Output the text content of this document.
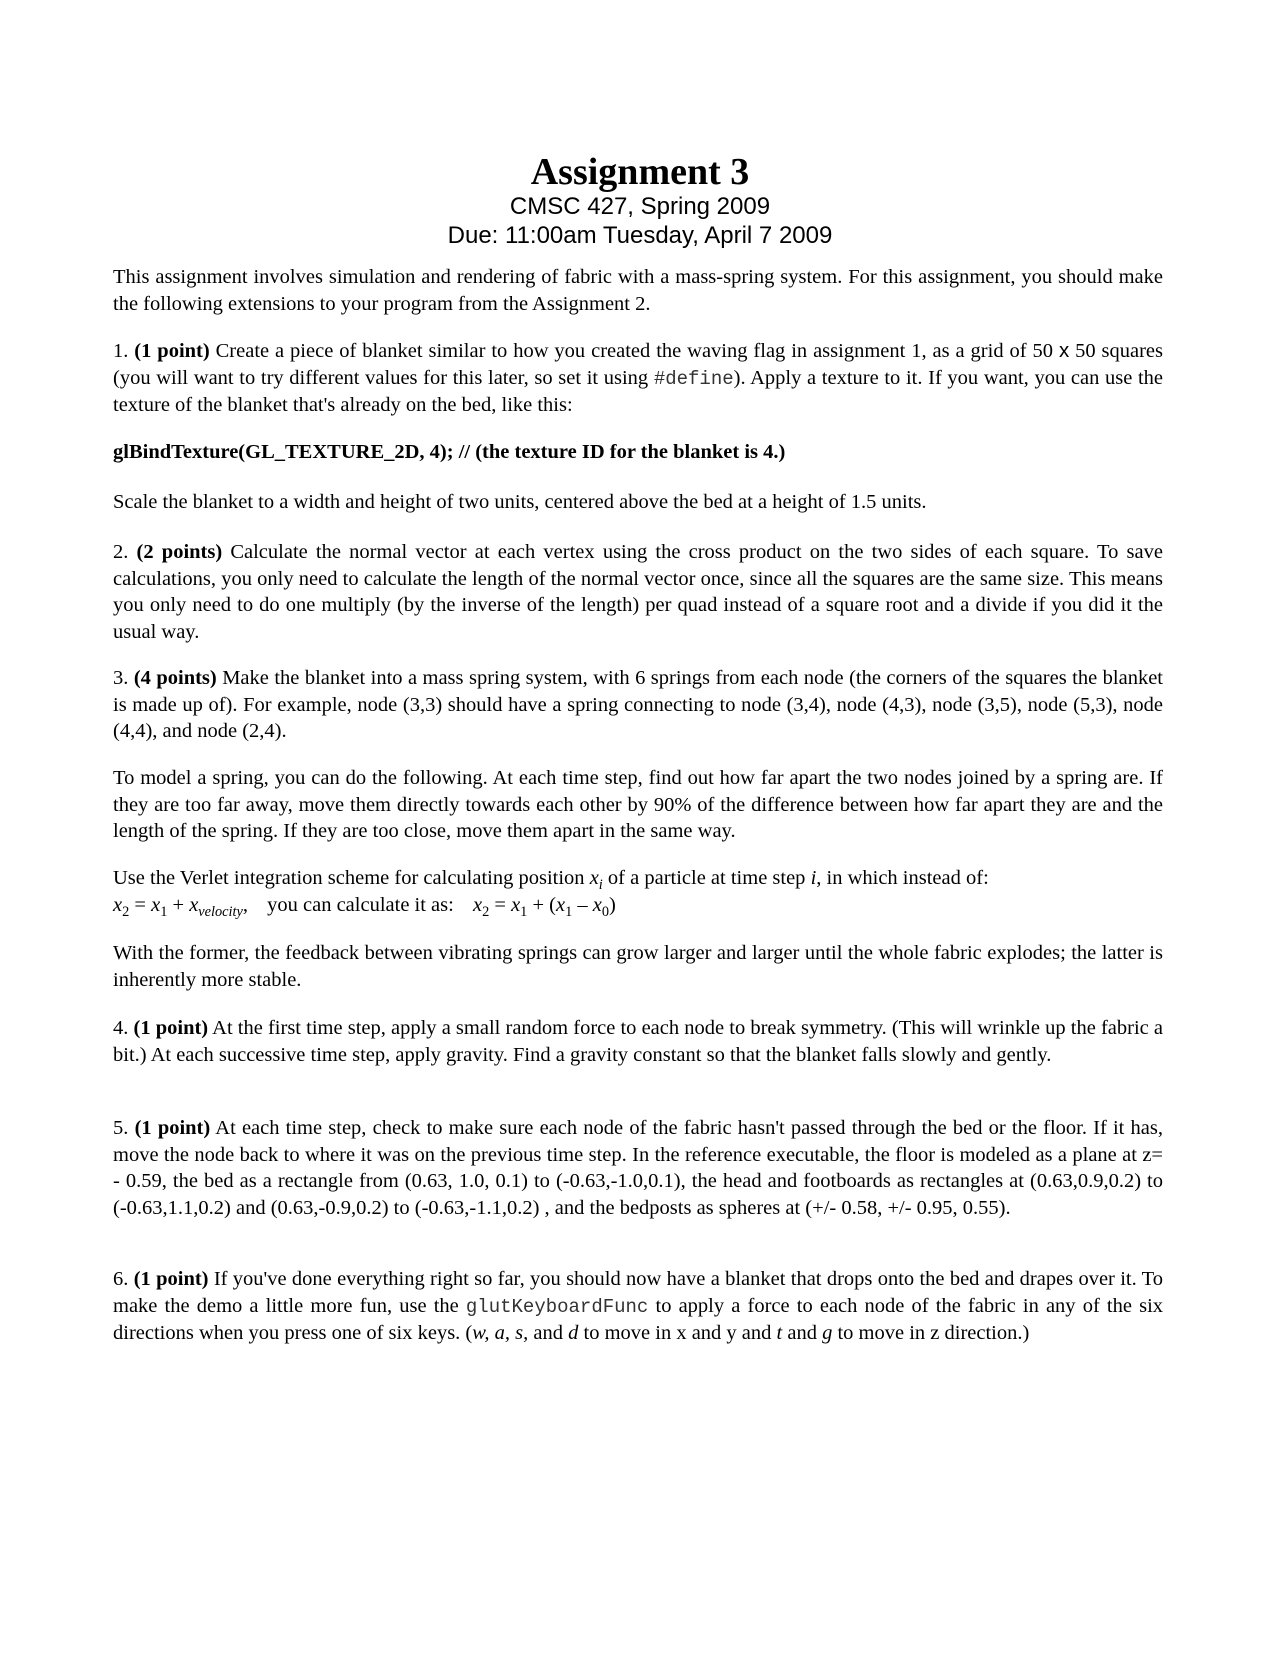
Assignment 3
CMSC 427, Spring 2009
Due: 11:00am Tuesday, April 7 2009
This assignment involves simulation and rendering of fabric with a mass-spring system. For this assignment, you should make the following extensions to your program from the Assignment 2.
1. (1 point) Create a piece of blanket similar to how you created the waving flag in assignment 1, as a grid of 50 x 50 squares (you will want to try different values for this later, so set it using #define). Apply a texture to it. If you want, you can use the texture of the blanket that's already on the bed, like this:
glBindTexture(GL_TEXTURE_2D, 4); // (the texture ID for the blanket is 4.)
Scale the blanket to a width and height of two units, centered above the bed at a height of 1.5 units.
2. (2 points) Calculate the normal vector at each vertex using the cross product on the two sides of each square. To save calculations, you only need to calculate the length of the normal vector once, since all the squares are the same size. This means you only need to do one multiply (by the inverse of the length) per quad instead of a square root and a divide if you did it the usual way.
3. (4 points) Make the blanket into a mass spring system, with 6 springs from each node (the corners of the squares the blanket is made up of). For example, node (3,3) should have a spring connecting to node (3,4), node (4,3), node (3,5), node (5,3), node (4,4), and node (2,4).
To model a spring, you can do the following. At each time step, find out how far apart the two nodes joined by a spring are. If they are too far away, move them directly towards each other by 90% of the difference between how far apart they are and the length of the spring. If they are too close, move them apart in the same way.
Use the Verlet integration scheme for calculating position $x_i$ of a particle at time step i, in which instead of:
$x_2 = x_1 + x_{velocity}$, you can calculate it as: $x_2 = x_1 + (x_1 - x_0)$
With the former, the feedback between vibrating springs can grow larger and larger until the whole fabric explodes; the latter is inherently more stable.
4. (1 point) At the first time step, apply a small random force to each node to break symmetry. (This will wrinkle up the fabric a bit.) At each successive time step, apply gravity. Find a gravity constant so that the blanket falls slowly and gently.
5. (1 point) At each time step, check to make sure each node of the fabric hasn't passed through the bed or the floor. If it has, move the node back to where it was on the previous time step. In the reference executable, the floor is modeled as a plane at z= - 0.59, the bed as a rectangle from (0.63, 1.0, 0.1) to (-0.63,-1.0,0.1), the head and footboards as rectangles at (0.63,0.9,0.2) to (-0.63,1.1,0.2) and (0.63,-0.9,0.2) to (-0.63,-1.1,0.2) , and the bedposts as spheres at (+/- 0.58, +/- 0.95, 0.55).
6. (1 point) If you've done everything right so far, you should now have a blanket that drops onto the bed and drapes over it. To make the demo a little more fun, use the glutKeyboardFunc to apply a force to each node of the fabric in any of the six directions when you press one of six keys. (w, a, s, and d to move in x and y and t and g to move in z direction.)
